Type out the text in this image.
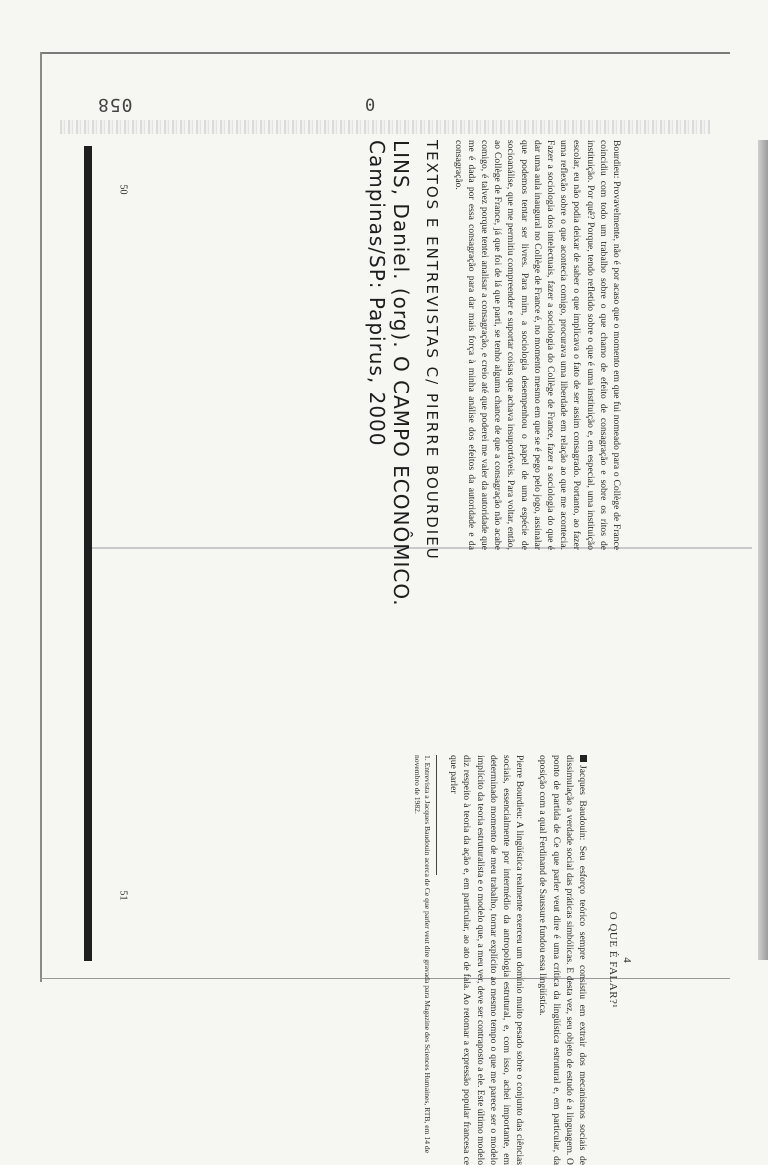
058	0

Bourdieu: Provavelmente, não é por acaso que o momento em que fui nomeado para o Collège de France coincidiu com todo um trabalho sobre o que chamo de efeito de consagração e sobre os ritos de instituição. Por quê? Porque, tendo refletido sobre o que é uma instituição e, em especial, uma instituição escolar, eu não podia deixar de saber o que implicava o fato de ser assim consagrado. Portanto, ao fazer uma reflexão sobre o que acontecia comigo, procurava uma liberdade em relação ao que me acontecia. Fazer a sociologia dos intelectuais, fazer a sociologia do Collège de France, fazer a sociologia do que é dar uma aula inaugural no Collège de France é, no momento mesmo em que se é pego pelo jogo, assinalar que podemos tentar ser livres. Para mim, a sociologia desempenhou o papel de uma espécie de socioanálise, que me permitiu compreender e suportar coisas que achava insuportáveis. Para voltar, então, ao Collège de France, já que foi de lá que parti, se tenho alguma chance de que a consagração não acabe comigo, é talvez porque tentei analisar a consagração, e creio até que poderei me valer da autoridade que me é dada por essa consagração para dar mais força à minha análise dos efeitos da autoridade e da consagração.

TEXTOS E ENTREVISTAS C/ PIERRE BOURDIEU
LINS, Daniel. (org). O CAMPO ECONÔMICO.
Campinas/SP: Papirus, 2000
50

4

O QUE É FALAR?¹

Jacques Baudouin: Seu esforço teórico sempre consistiu em extrair dos mecanismos sociais de dissimulação a verdade social das práticas simbólicas. E desta vez, seu objeto de estudo é a linguagem. O ponto de partida de Ce que parler veut dire é uma crítica da lingüística estrutural e, em particular, da oposição com a qual Ferdinand de Saussure fundou essa lingüística.

Pierre Bourdieu: A lingüística realmente exerceu um domínio muito pesado sobre o conjunto das ciências sociais, essencialmente por intermédio da antropologia estrutural, e, com isso, achei importante, em determinado momento de meu trabalho, tornar explícito ao mesmo tempo o que me parece ser o modelo implícito da teoria estruturalista e o modelo que, a meu ver, deve ser contraposto a ele. Este último modelo diz respeito à teoria da ação e, em particular, ao ato de fala. Ao retomar a expressão popular francesa ce que parler

1. Entrevista a Jacques Baudouin acerca de Ce que parler veut dire gravada para Magazine des Sciences Humaines, RTB, em 14 de novembro de 1982.

51
